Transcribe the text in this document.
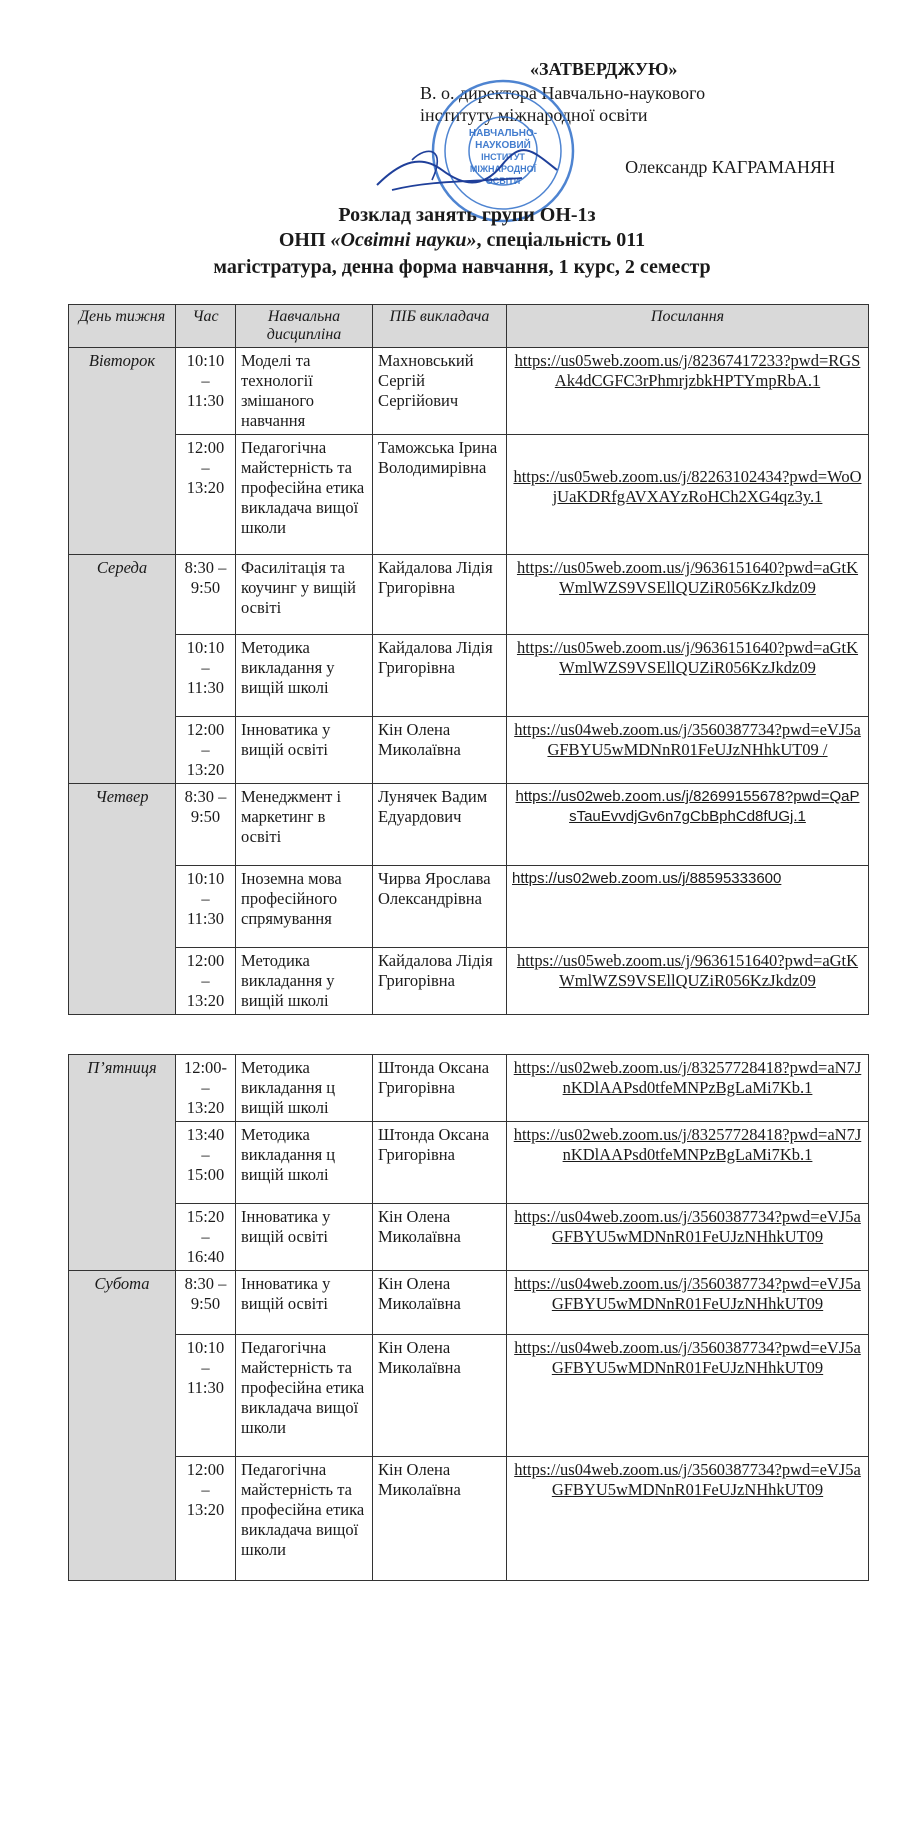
«ЗАТВЕРДЖУЮ»
В. о. директора Навчально-наукового
інституту міжнародної освіти
Олександр КАГРАМАНЯН
НАВЧАЛЬНО-
НАУКОВИЙ
ІНСТИТУТ
МІЖНАРОДНОЇ
ОСВІТИ
Розклад занять групи ОН-1з
ОНП «Освітні науки», спеціальність 011
магістратура, денна форма навчання, 1 курс, 2 семестр
День тижня	Час	Навчальна дисципліна	ПІБ викладача	Посилання
Вівторок	10:10 – 11:30	Моделі та технології змішаного навчання	Махновський Сергій Сергійович	https://us05web.zoom.us/j/82367417233?pwd=RGSAk4dCGFC3rPhmrjzbkHPTYmpRbA.1
	12:00 – 13:20	Педагогічна майстерність та професійна етика викладача вищої школи	Таможська Ірина Володимирівна	https://us05web.zoom.us/j/82263102434?pwd=WoOjUaKDRfgAVXAYzRoHCh2XG4qz3y.1
Середа	8:30 – 9:50	Фасилітація та коучинг у вищій освіті	Кайдалова Лідія Григорівна	https://us05web.zoom.us/j/9636151640?pwd=aGtKWmlWZS9VSEllQUZiR056KzJkdz09
	10:10 – 11:30	Методика викладання у вищій школі	Кайдалова Лідія Григорівна	https://us05web.zoom.us/j/9636151640?pwd=aGtKWmlWZS9VSEllQUZiR056KzJkdz09
	12:00 – 13:20	Інноватика у вищій освіті	Кін Олена Миколаївна	https://us04web.zoom.us/j/3560387734?pwd=eVJ5aGFBYU5wMDNnR01FeUJzNHhkUT09 /
Четвер	8:30 – 9:50	Менеджмент і маркетинг в освіті	Лунячек Вадим Едуардович	https://us02web.zoom.us/j/82699155678?pwd=QaPsTauEvvdjGv6n7gCbBphCd8fUGj.1
	10:10 – 11:30	Іноземна мова професійного спрямування	Чирва Ярослава Олександрівна	https://us02web.zoom.us/j/88595333600
	12:00 – 13:20	Методика викладання у вищій школі	Кайдалова Лідія Григорівна	https://us05web.zoom.us/j/9636151640?pwd=aGtKWmlWZS9VSEllQUZiR056KzJkdz09
П’ятниця	12:00- – 13:20	Методика викладання ц вищій школі	Штонда Оксана Григорівна	https://us02web.zoom.us/j/83257728418?pwd=aN7JnKDlAAPsd0tfeMNPzBgLaMi7Kb.1
	13:40 – 15:00	Методика викладання ц вищій школі	Штонда Оксана Григорівна	https://us02web.zoom.us/j/83257728418?pwd=aN7JnKDlAAPsd0tfeMNPzBgLaMi7Kb.1
	15:20 – 16:40	Інноватика у вищій освіті	Кін Олена Миколаївна	https://us04web.zoom.us/j/3560387734?pwd=eVJ5aGFBYU5wMDNnR01FeUJzNHhkUT09
Субота	8:30 – 9:50	Інноватика у вищій освіті	Кін Олена Миколаївна	https://us04web.zoom.us/j/3560387734?pwd=eVJ5aGFBYU5wMDNnR01FeUJzNHhkUT09
	10:10 – 11:30	Педагогічна майстерність та професійна етика викладача вищої школи	Кін Олена Миколаївна	https://us04web.zoom.us/j/3560387734?pwd=eVJ5aGFBYU5wMDNnR01FeUJzNHhkUT09
	12:00 – 13:20	Педагогічна майстерність та професійна етика викладача вищої школи	Кін Олена Миколаївна	https://us04web.zoom.us/j/3560387734?pwd=eVJ5aGFBYU5wMDNnR01FeUJzNHhkUT09
